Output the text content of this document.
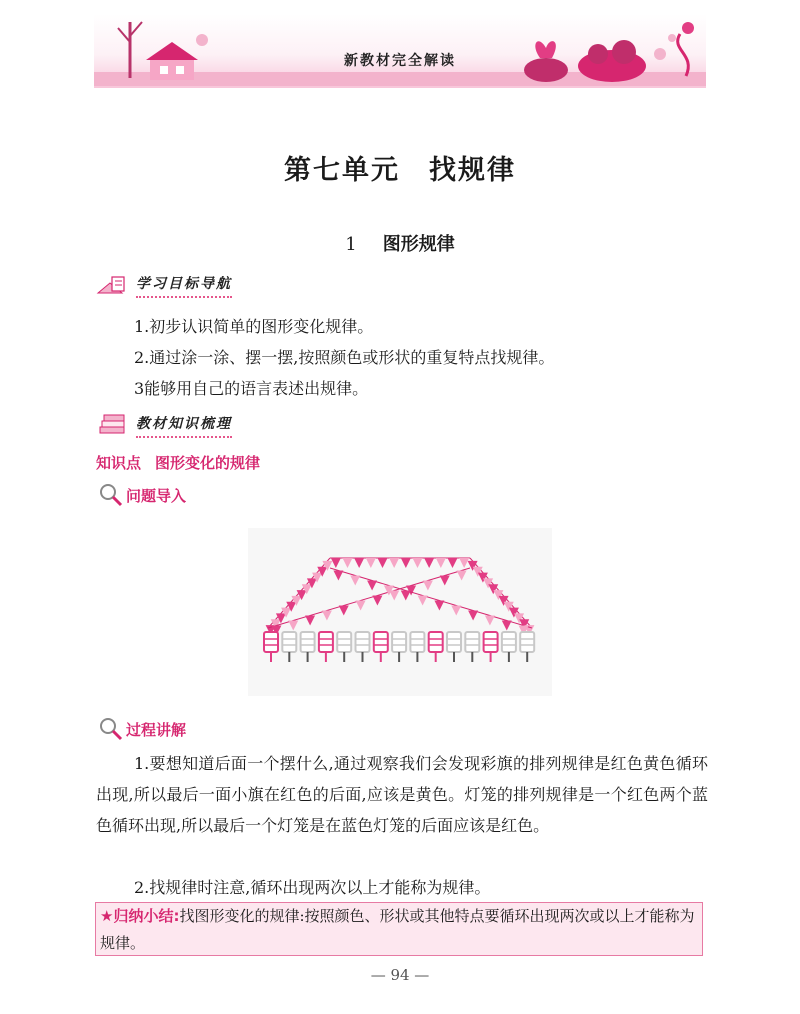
新教材完全解读
第七单元　找规律
1 图形规律
学习目标导航
1.初步认识简单的图形变化规律。
2.通过涂一涂、摆一摆,按照颜色或形状的重复特点找规律。
3能够用自己的语言表述出规律。
教材知识梳理
知识点 图形变化的规律
问题导入
过程讲解
1.要想知道后面一个摆什么,通过观察我们会发现彩旗的排列规律是红色黄色循环出现,所以最后一面小旗在红色的后面,应该是黄色。灯笼的排列规律是一个红色两个蓝色循环出现,所以最后一个灯笼是在蓝色灯笼的后面应该是红色。
2.找规律时注意,循环出现两次以上才能称为规律。
★归纳小结:找图形变化的规律:按照颜色、形状或其他特点要循环出现两次或以上才能称为规律。
— 94 —
